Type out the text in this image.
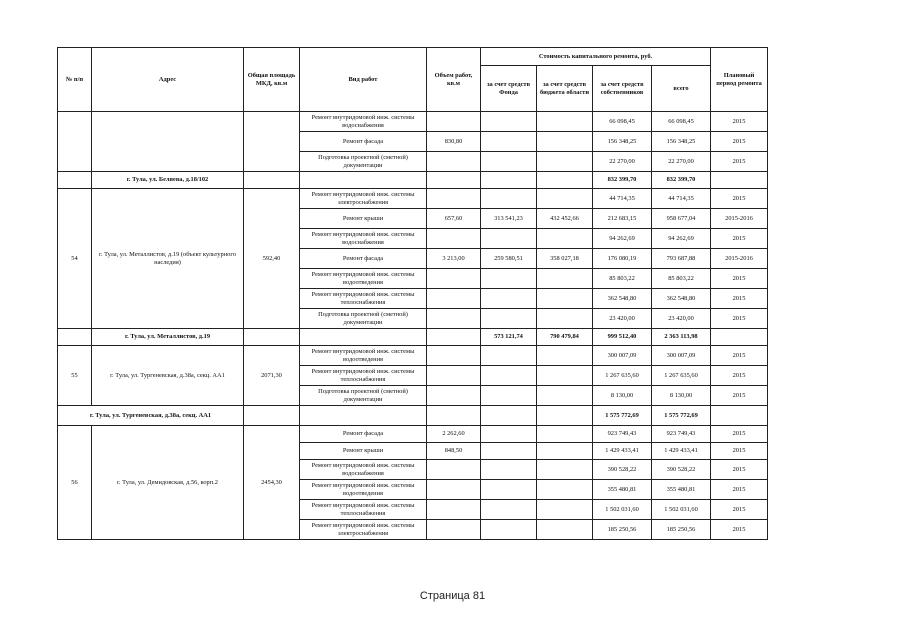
№ п/п	Адрес	Общая площадь МКД, кв.м	Вид работ	Объем работ, кв.м	Стоимость капитального ремонта, руб.				Плановый период ремонта
					за счет средств Фонда	за счет средств бюджета области	за счет средств собственников	всего	
			Ремонт внутридомовой инж. системы водоснабжения				66 098,45	66 098,45	2015
			Ремонт фасада	830,80			156 348,25	156 348,25	2015
			Подготовка проектной (сметной) документации				22 270,00	22 270,00	2015
	г. Тула, ул. Беляева, д.18/102						832 399,70	832 399,70	
54	г. Тула, ул. Металлистов, д.19 (объект культурного наследия)	592,40	Ремонт внутридомовой инж. системы электроснабжения				44 714,35	44 714,35	2015
			Ремонт крыши	657,60	313 541,23	432 452,66	212 683,15	958 677,04	2015-2016
			Ремонт внутридомовой инж. системы водоснабжения				94 262,69	94 262,69	2015
			Ремонт фасада	3 213,00	259 580,51	358 027,18	176 080,19	793 687,88	2015-2016
			Ремонт внутридомовой инж. системы водоотведения				85 803,22	85 803,22	2015
			Ремонт внутридомовой инж. системы теплоснабжения				362 548,80	362 548,80	2015
			Подготовка проектной (сметной) документации				23 420,00	23 420,00	2015
	г. Тула, ул. Металлистов, д.19				573 121,74	790 479,84	999 512,40	2 363 113,98	
55	г. Тула, ул. Тургеневская, д.38а, секц. АА1	2071,30	Ремонт внутридомовой инж. системы водоотведения				300 007,09	300 007,09	2015
			Ремонт внутридомовой инж. системы теплоснабжения				1 267 635,60	1 267 635,60	2015
			Подготовка проектной (сметной) документации				8 130,00	8 130,00	2015
г. Тула, ул. Тургеневская, д.38а, секц. АА1							1 575 772,69	1 575 772,69	
56	г. Тула, ул. Демидовская, д.56, корп.2	2454,30	Ремонт фасада	2 262,60			923 749,43	923 749,43	2015
			Ремонт крыши	848,50			1 429 433,41	1 429 433,41	2015
			Ремонт внутридомовой инж. системы водоснабжения				390 528,22	390 528,22	2015
			Ремонт внутридомовой инж. системы водоотведения				355 480,81	355 480,81	2015
			Ремонт внутридомовой инж. системы теплоснабжения				1 502 031,60	1 502 031,60	2015
			Ремонт внутридомовой инж. системы электроснабжения				185 250,56	185 250,56	2015
Страница 81
